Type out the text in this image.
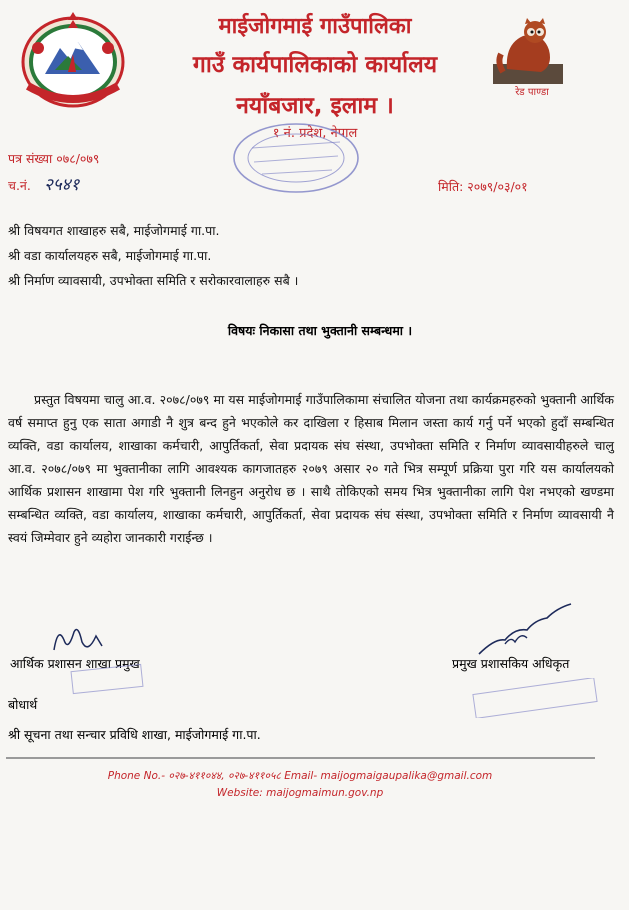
माईजोगमाई गाउँपालिका
गाउँ कार्यपालिकाको कार्यालय
नयाँबजार, इलाम ।
१ नं. प्रदेश, नेपाल
रेड पाण्डा
पत्र संख्या ०७८/०७९
च.नं. २५४१	मिति: २०७९/०३/०१
श्री विषयगत शाखाहरु सबै, माईजोगमाई गा.पा.
श्री वडा कार्यालयहरु सबै, माईजोगमाई गा.पा.
श्री निर्माण व्यावसायी, उपभोक्ता समिति र सरोकारवालाहरु सबै ।
विषयः निकासा तथा भुक्तानी सम्बन्धमा ।
प्रस्तुत विषयमा चालु आ.व. २०७८/०७९ मा यस माईजोगमाई गाउँपालिकामा संचालित योजना तथा कार्यक्रमहरुको भुक्तानी आर्थिक वर्ष समाप्त हुनु एक साता अगाडी नै शुत्र बन्द हुने भएकोले कर दाखिला र हिसाब मिलान जस्ता कार्य गर्नु पर्ने भएको हुदाँ सम्बन्धित व्यक्ति, वडा कार्यालय, शाखाका कर्मचारी, आपुर्तिकर्ता, सेवा प्रदायक संघ संस्था, उपभोक्ता समिति र निर्माण व्यावसायीहरुले चालु आ.व. २०७८/०७९ मा भुक्तानीका लागि आवश्यक कागजातहरु २०७९ असार २० गते भित्र सम्पूर्ण प्रक्रिया पुरा गरि यस कार्यालयको आर्थिक प्रशासन शाखामा पेश गरि भुक्तानी लिनहुन अनुरोध छ । साथै तोकिएको समय भित्र भुक्तानीका लागि पेश नभएको खण्डमा सम्बन्धित व्यक्ति, वडा कार्यालय, शाखाका कर्मचारी, आपुर्तिकर्ता, सेवा प्रदायक संघ संस्था, उपभोक्ता समिति र निर्माण व्यावसायी नै स्वयं जिम्मेवार हुने व्यहोरा जानकारी गराईन्छ ।
आर्थिक प्रशासन शाखा प्रमुख	प्रमुख प्रशासकिय अधिकृत
बोधार्थ
श्री सूचना तथा सन्चार प्रविधि शाखा, माईजोगमाई गा.पा.
Phone No.- ०२७-४११०४४, ०२७-४११०५८ Email- maijogmaigaupalika@gmail.com
Website: maijogmaimun.gov.np
